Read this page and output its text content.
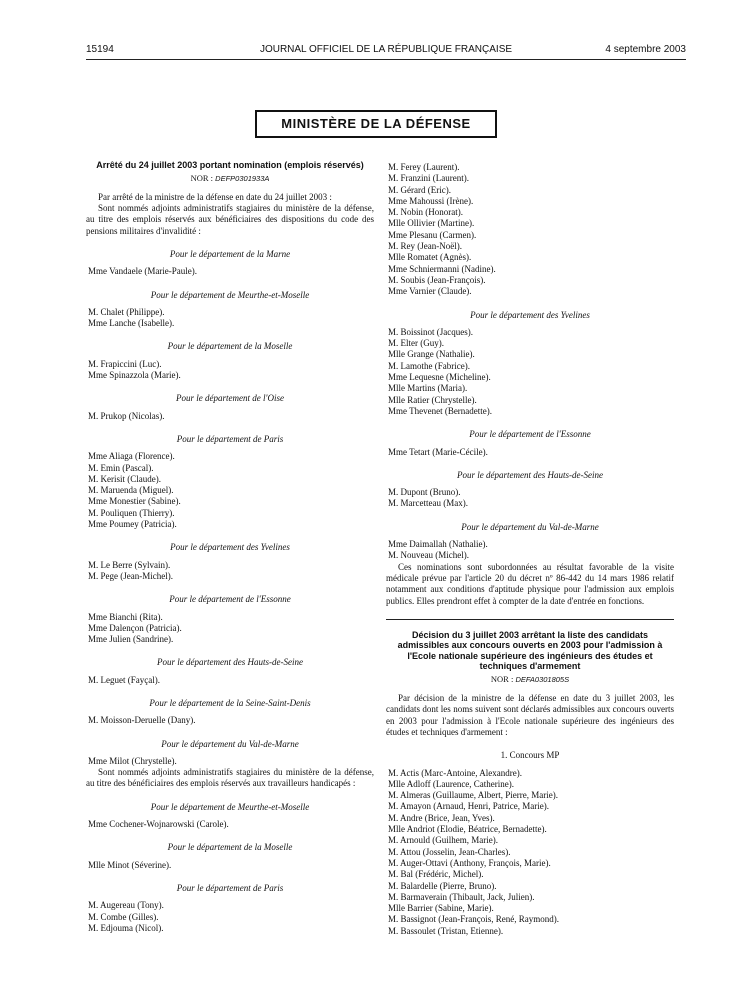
15194	JOURNAL OFFICIEL DE LA RÉPUBLIQUE FRANÇAISE	4 septembre 2003
MINISTÈRE DE LA DÉFENSE
Arrêté du 24 juillet 2003 portant nomination (emplois réservés)
NOR : DEFP0301933A

Par arrêté de la ministre de la défense en date du 24 juillet 2003 :

Sont nommés adjoints administratifs stagiaires du ministère de la défense, au titre des emplois réservés aux bénéficiaires des dispositions du code des pensions militaires d'invalidité :

Pour le département de la Marne
Mme Vandaele (Marie-Paule).
Pour le département de Meurthe-et-Moselle
M. Chalet (Philippe).
Mme Lanche (Isabelle).
Pour le département de la Moselle
M. Frapiccini (Luc).
Mme Spinazzola (Marie).
Pour le département de l'Oise
M. Prukop (Nicolas).
Pour le département de Paris
Mme Aliaga (Florence).
M. Emin (Pascal).
M. Kerisit (Claude).
M. Maruenda (Miguel).
Mme Monestier (Sabine).
M. Pouliquen (Thierry).
Mme Poumey (Patricia).
Pour le département des Yvelines
M. Le Berre (Sylvain).
M. Pege (Jean-Michel).
Pour le département de l'Essonne
Mme Bianchi (Rita).
Mme Dalençon (Patricia).
Mme Julien (Sandrine).
Pour le département des Hauts-de-Seine
M. Leguet (Fayçal).
Pour le département de la Seine-Saint-Denis
M. Moisson-Deruelle (Dany).
Pour le département du Val-de-Marne
Mme Milot (Chrystelle).

Sont nommés adjoints administratifs stagiaires du ministère de la défense, au titre des bénéficiaires des emplois réservés aux travailleurs handicapés :

Pour le département de Meurthe-et-Moselle
Mme Cochener-Wojnarowski (Carole).
Pour le département de la Moselle
Mlle Minot (Séverine).
Pour le département de Paris
M. Augereau (Tony).
M. Combe (Gilles).
M. Edjouma (Nicol).
M. Ferey (Laurent).
M. Franzini (Laurent).
M. Gérard (Eric).
Mme Mahoussi (Irène).
M. Nobin (Honorat).
Mlle Ollivier (Martine).
Mme Plesanu (Carmen).
M. Rey (Jean-Noël).
Mlle Romatet (Agnès).
Mme Schniermanni (Nadine).
M. Soubis (Jean-François).
Mme Varnier (Claude).
Pour le département des Yvelines
M. Boissinot (Jacques).
M. Elter (Guy).
Mlle Grange (Nathalie).
M. Lamothe (Fabrice).
Mme Lequesne (Micheline).
Mlle Martins (Maria).
Mlle Ratier (Chrystelle).
Mme Thevenet (Bernadette).
Pour le département de l'Essonne
Mme Tetart (Marie-Cécile).
Pour le département des Hauts-de-Seine
M. Dupont (Bruno).
M. Marcetteau (Max).
Pour le département du Val-de-Marne
Mme Daimallah (Nathalie).
M. Nouveau (Michel).

Ces nominations sont subordonnées au résultat favorable de la visite médicale prévue par l'article 20 du décret nº 86-442 du 14 mars 1986 relatif notamment aux conditions d'aptitude physique pour l'admission aux emplois publics. Elles prendront effet à compter de la date d'entrée en fonctions.

Décision du 3 juillet 2003 arrêtant la liste des candidats admissibles aux concours ouverts en 2003 pour l'admission à l'Ecole nationale supérieure des ingénieurs des études et techniques d'armement
NOR : DEFA0301805S

Par décision de la ministre de la défense en date du 3 juillet 2003, les candidats dont les noms suivent sont déclarés admissibles aux concours ouverts en 2003 pour l'admission à l'Ecole nationale supérieure des ingénieurs des études et techniques d'armement :

1. Concours MP
M. Actis (Marc-Antoine, Alexandre).
Mlle Adloff (Laurence, Catherine).
M. Almeras (Guillaume, Albert, Pierre, Marie).
M. Amayon (Arnaud, Henri, Patrice, Marie).
M. Andre (Brice, Jean, Yves).
Mlle Andriot (Elodie, Béatrice, Bernadette).
M. Arnould (Guilhem, Marie).
M. Attou (Josselin, Jean-Charles).
M. Auger-Ottavi (Anthony, François, Marie).
M. Bal (Frédéric, Michel).
M. Balardelle (Pierre, Bruno).
M. Barmaverain (Thibault, Jack, Julien).
Mlle Barrier (Sabine, Marie).
M. Bassignot (Jean-François, René, Raymond).
M. Bassoulet (Tristan, Etienne).
